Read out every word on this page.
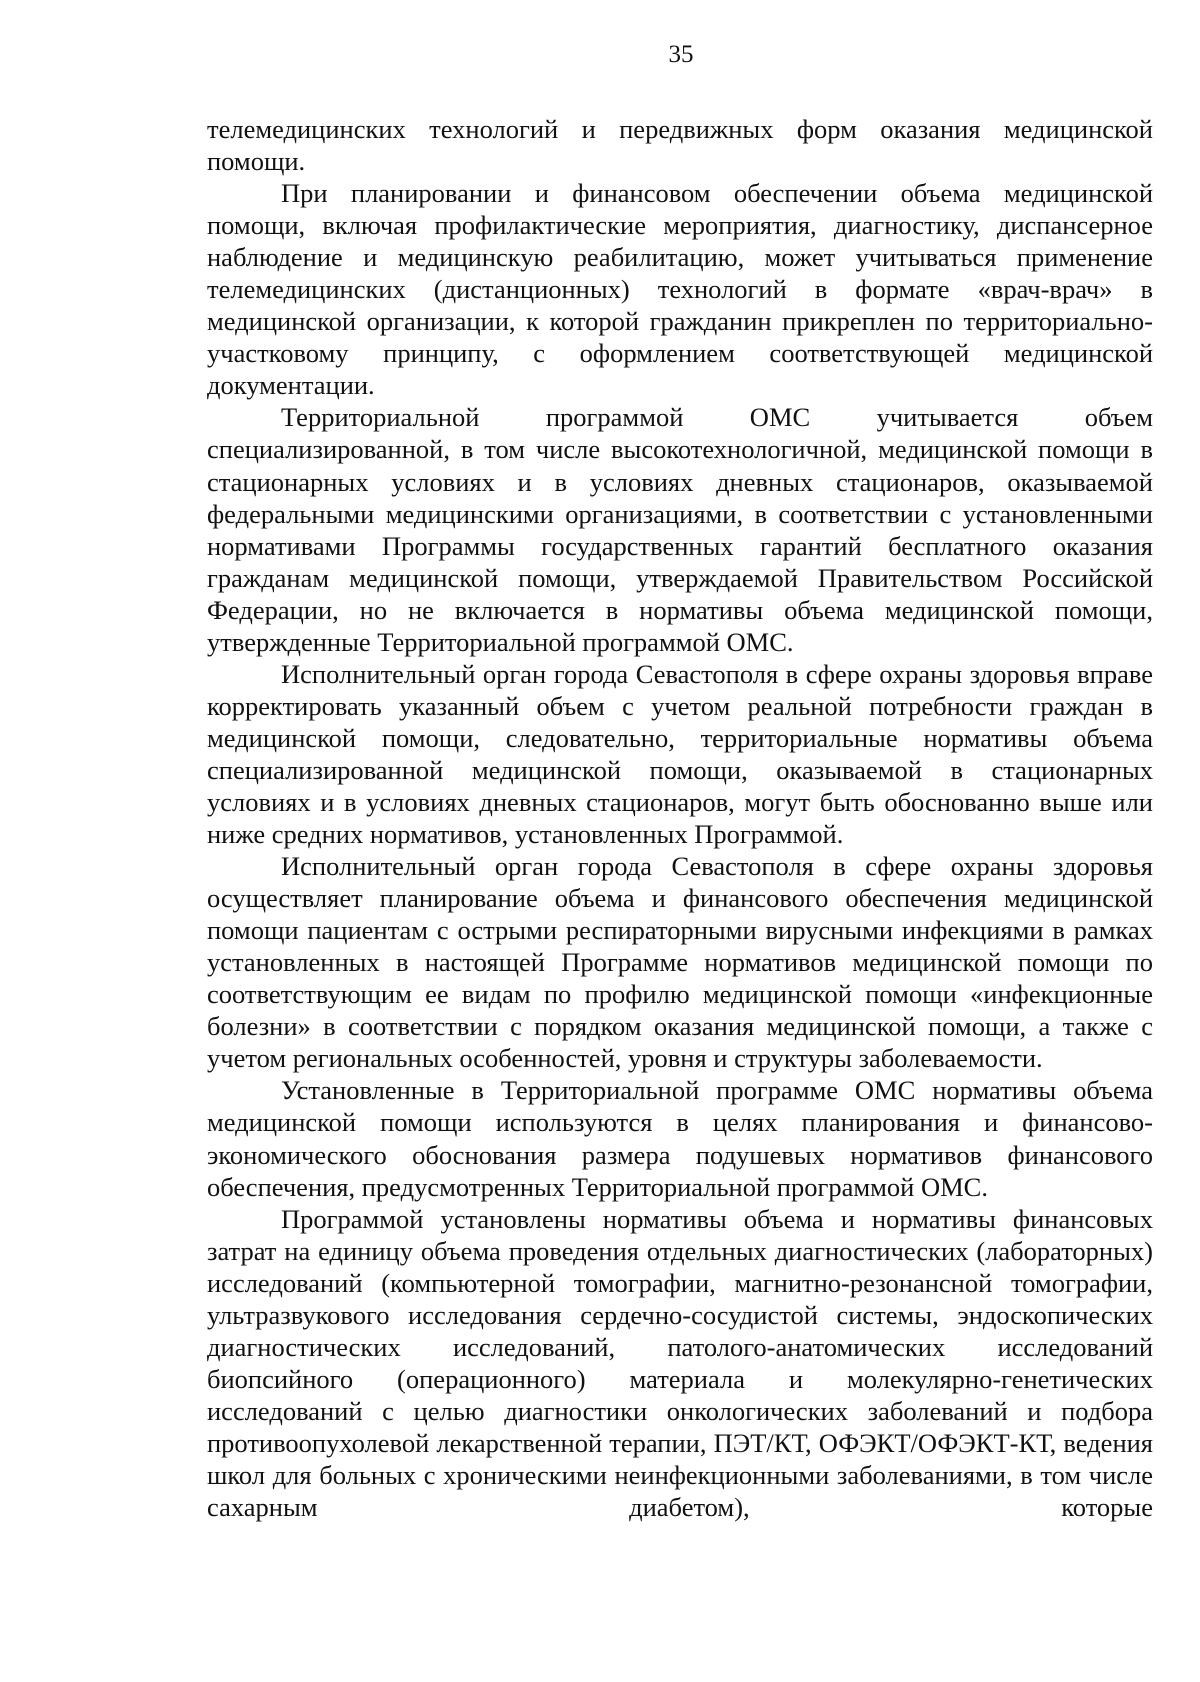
35

телемедицинских технологий и передвижных форм оказания медицинской помощи.

При планировании и финансовом обеспечении объема медицинской помощи, включая профилактические мероприятия, диагностику, диспансерное наблюдение и медицинскую реабилитацию, может учитываться применение телемедицинских (дистанционных) технологий в формате «врач-врач» в медицинской организации, к которой гражданин прикреплен по территориально-участковому принципу, с оформлением соответствующей медицинской документации.

Территориальной программой ОМС учитывается объем специализированной, в том числе высокотехнологичной, медицинской помощи в стационарных условиях и в условиях дневных стационаров, оказываемой федеральными медицинскими организациями, в соответствии с установленными нормативами Программы государственных гарантий бесплатного оказания гражданам медицинской помощи, утверждаемой Правительством Российской Федерации, но не включается в нормативы объема медицинской помощи, утвержденные Территориальной программой ОМС.

Исполнительный орган города Севастополя в сфере охраны здоровья вправе корректировать указанный объем с учетом реальной потребности граждан в медицинской помощи, следовательно, территориальные нормативы объема специализированной медицинской помощи, оказываемой в стационарных условиях и в условиях дневных стационаров, могут быть обоснованно выше или ниже средних нормативов, установленных Программой.

Исполнительный орган города Севастополя в сфере охраны здоровья осуществляет планирование объема и финансового обеспечения медицинской помощи пациентам с острыми респираторными вирусными инфекциями в рамках установленных в настоящей Программе нормативов медицинской помощи по соответствующим ее видам по профилю медицинской помощи «инфекционные болезни» в соответствии с порядком оказания медицинской помощи, а также с учетом региональных особенностей, уровня и структуры заболеваемости.

Установленные в Территориальной программе ОМС нормативы объема медицинской помощи используются в целях планирования и финансово-экономического обоснования размера подушевых нормативов финансового обеспечения, предусмотренных Территориальной программой ОМС.

Программой установлены нормативы объема и нормативы финансовых затрат на единицу объема проведения отдельных диагностических (лабораторных) исследований (компьютерной томографии, магнитно-резонансной томографии, ультразвукового исследования сердечно-сосудистой системы, эндоскопических диагностических исследований, патолого-анатомических исследований биопсийного (операционного) материала и молекулярно-генетических исследований с целью диагностики онкологических заболеваний и подбора противоопухолевой лекарственной терапии, ПЭТ/КТ, ОФЭКТ/ОФЭКТ-КТ, ведения школ для больных с хроническими неинфекционными заболеваниями, в том числе сахарным диабетом), которые
